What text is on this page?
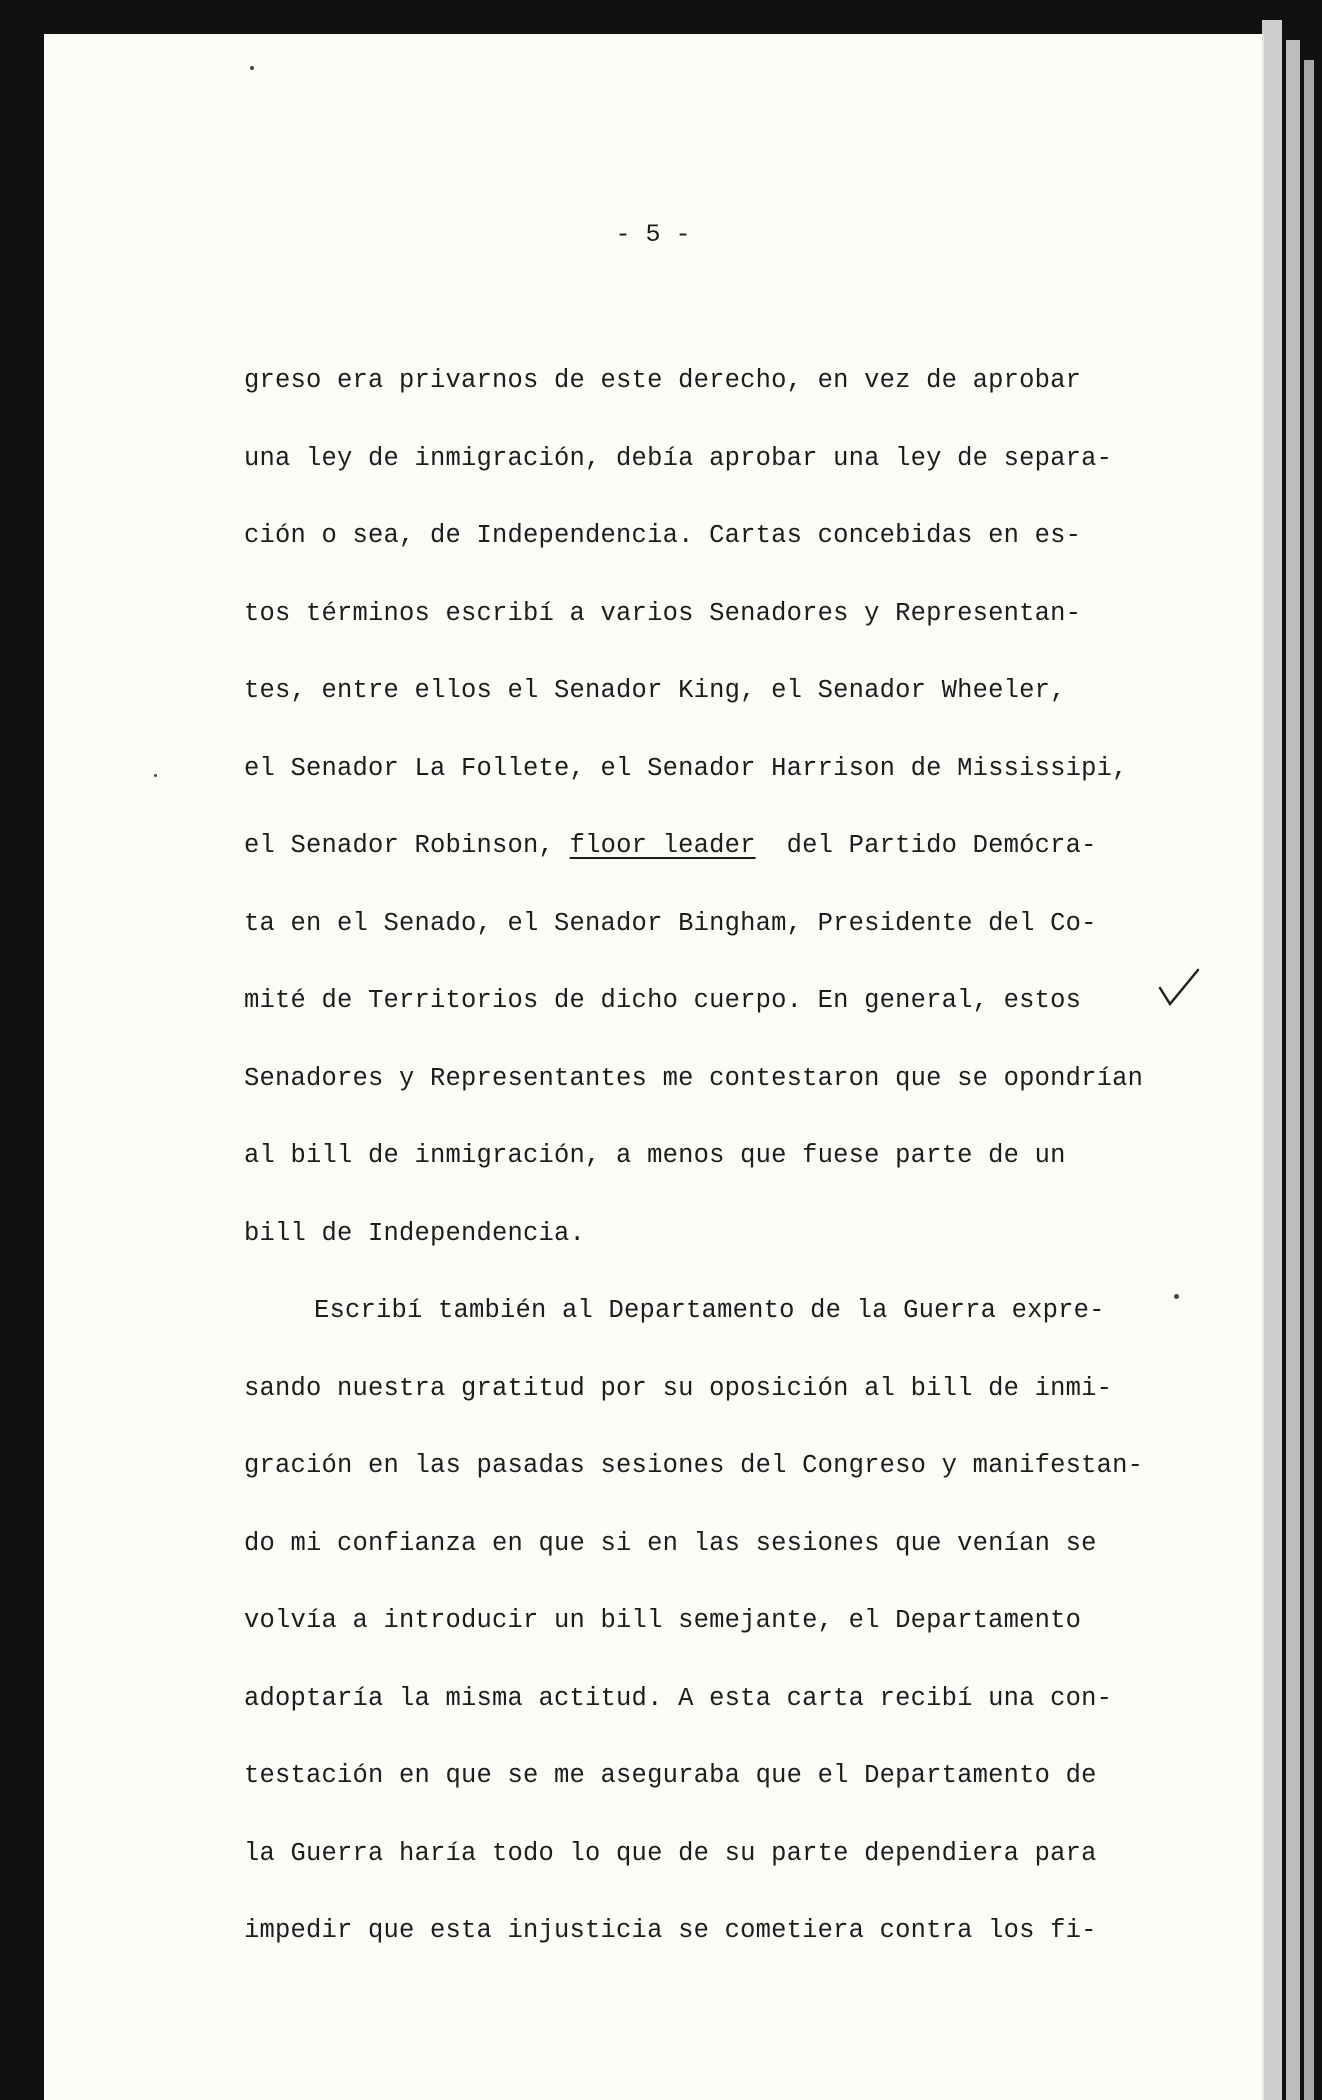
- 5 -

greso era privarnos de este derecho, en vez de aprobar
una ley de inmigración, debía aprobar una ley de separa-
ción o sea, de Independencia. Cartas concebidas en es-
tos términos escribí a varios Senadores y Representan-
tes, entre ellos el Senador King, el Senador Wheeler,
el Senador La Follete, el Senador Harrison de Mississipi,
el Senador Robinson, floor leader del Partido Demócra-
ta en el Senado, el Senador Bingham, Presidente del Co-
mité de Territorios de dicho cuerpo. En general, estos
Senadores y Representantes me contestaron que se opondrían
al bill de inmigración, a menos que fuese parte de un
bill de Independencia.
Escribí también al Departamento de la Guerra expre-
sando nuestra gratitud por su oposición al bill de inmi-
gración en las pasadas sesiones del Congreso y manifestan-
do mi confianza en que si en las sesiones que venían se
volvía a introducir un bill semejante, el Departamento
adoptaría la misma actitud. A esta carta recibí una con-
testación en que se me aseguraba que el Departamento de
la Guerra haría todo lo que de su parte dependiera para
impedir que esta injusticia se cometiera contra los fi-
